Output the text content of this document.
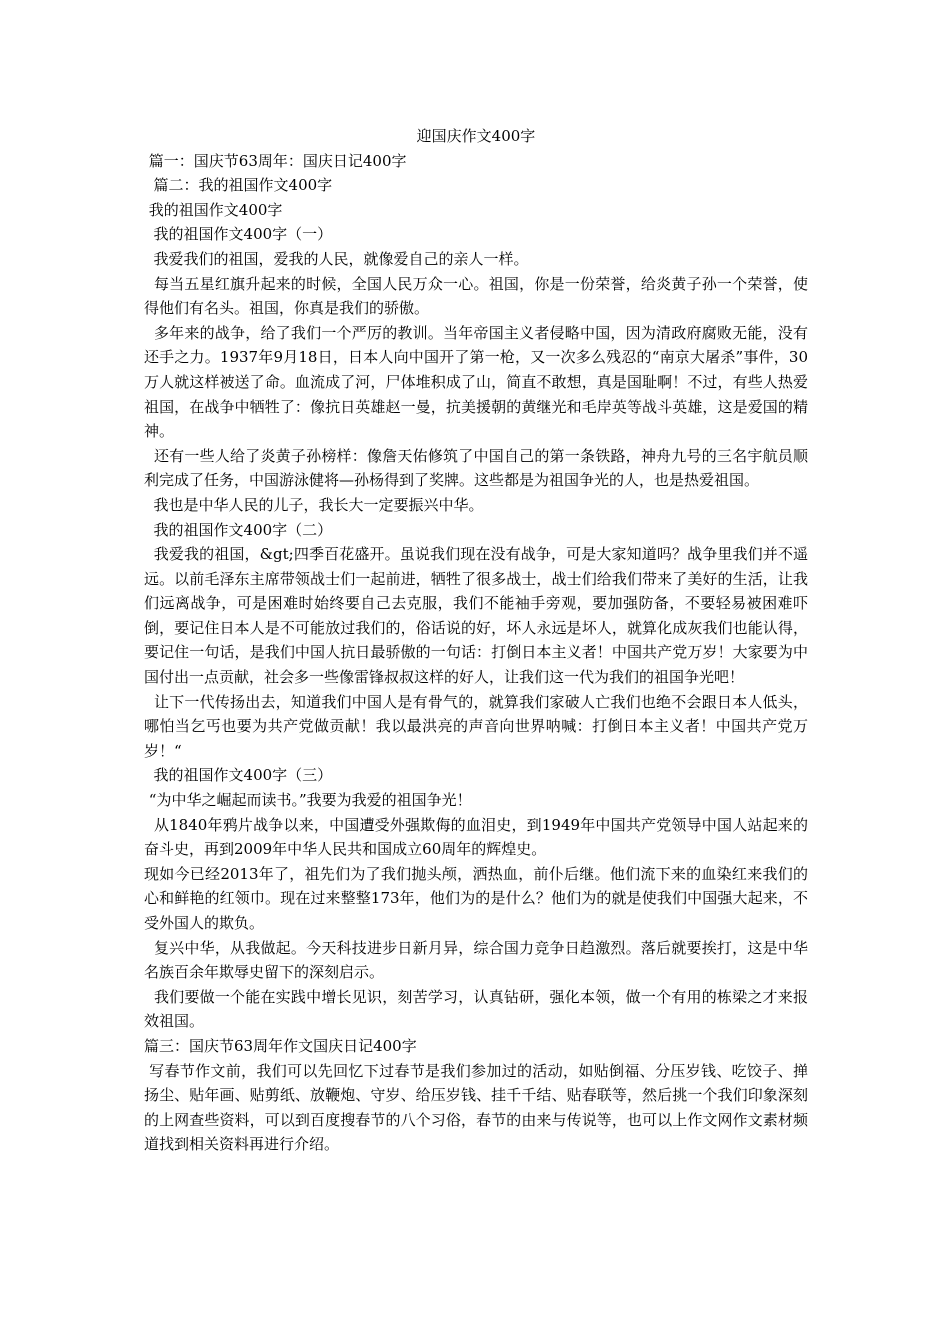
迎国庆作文400字

篇一：国庆节63周年：国庆日记400字

篇二：我的祖国作文400字

我的祖国作文400字

我的祖国作文400字（一）

我爱我们的祖国，爱我的人民，就像爱自己的亲人一样。

每当五星红旗升起来的时候，全国人民万众一心。祖国，你是一份荣誉，给炎黄子孙一个荣誉，使得他们有名头。祖国，你真是我们的骄傲。

多年来的战争，给了我们一个严厉的教训。当年帝国主义者侵略中国，因为清政府腐败无能，没有还手之力。1937年9月18日，日本人向中国开了第一枪，又一次多么残忍的“南京大屠杀”事件，30万人就这样被送了命。血流成了河，尸体堆积成了山，简直不敢想，真是国耻啊！不过，有些人热爱祖国，在战争中牺牲了：像抗日英雄赵一曼，抗美援朝的黄继光和毛岸英等战斗英雄，这是爱国的精神。

还有一些人给了炎黄子孙榜样：像詹天佑修筑了中国自己的第一条铁路，神舟九号的三名宇航员顺利完成了任务，中国游泳健将—孙杨得到了奖牌。这些都是为祖国争光的人，也是热爱祖国。

我也是中华人民的儿子，我长大一定要振兴中华。

我的祖国作文400字（二）

我爱我的祖国，&gt;四季百花盛开。虽说我们现在没有战争，可是大家知道吗？战争里我们并不遥远。以前毛泽东主席带领战士们一起前进，牺牲了很多战士，战士们给我们带来了美好的生活，让我们远离战争，可是困难时始终要自己去克服，我们不能袖手旁观，要加强防备，不要轻易被困难吓倒，要记住日本人是不可能放过我们的，俗话说的好，坏人永远是坏人，就算化成灰我们也能认得，要记住一句话，是我们中国人抗日最骄傲的一句话：打倒日本主义者！中国共产党万岁！大家要为中国付出一点贡献，社会多一些像雷锋叔叔这样的好人，让我们这一代为我们的祖国争光吧！

让下一代传扬出去，知道我们中国人是有骨气的，就算我们家破人亡我们也绝不会跟日本人低头，哪怕当乞丐也要为共产党做贡献！我以最洪亮的声音向世界呐喊：打倒日本主义者！中国共产党万岁！“

我的祖国作文400字（三）

“为中华之崛起而读书。”我要为我爱的祖国争光！

从1840年鸦片战争以来，中国遭受外强欺侮的血泪史，到1949年中国共产党领导中国人站起来的奋斗史，再到2009年中华人民共和国成立60周年的辉煌史。

现如今已经2013年了，祖先们为了我们抛头颅，洒热血，前仆后继。他们流下来的血染红来我们的心和鲜艳的红领巾。现在过来整整173年，他们为的是什么？他们为的就是使我们中国强大起来，不受外国人的欺负。

复兴中华，从我做起。今天科技进步日新月异，综合国力竞争日趋激烈。落后就要挨打，这是中华名族百余年欺辱史留下的深刻启示。

我们要做一个能在实践中增长见识，刻苦学习，认真钻研，强化本领，做一个有用的栋梁之才来报效祖国。

篇三：国庆节63周年作文国庆日记400字

写春节作文前，我们可以先回忆下过春节是我们参加过的活动，如贴倒福、分压岁钱、吃饺子、掸扬尘、贴年画、贴剪纸、放鞭炮、守岁、给压岁钱、挂千千结、贴春联等，然后挑一个我们印象深刻的上网查些资料，可以到百度搜春节的八个习俗，春节的由来与传说等，也可以上作文网作文素材频道找到相关资料再进行介绍。
